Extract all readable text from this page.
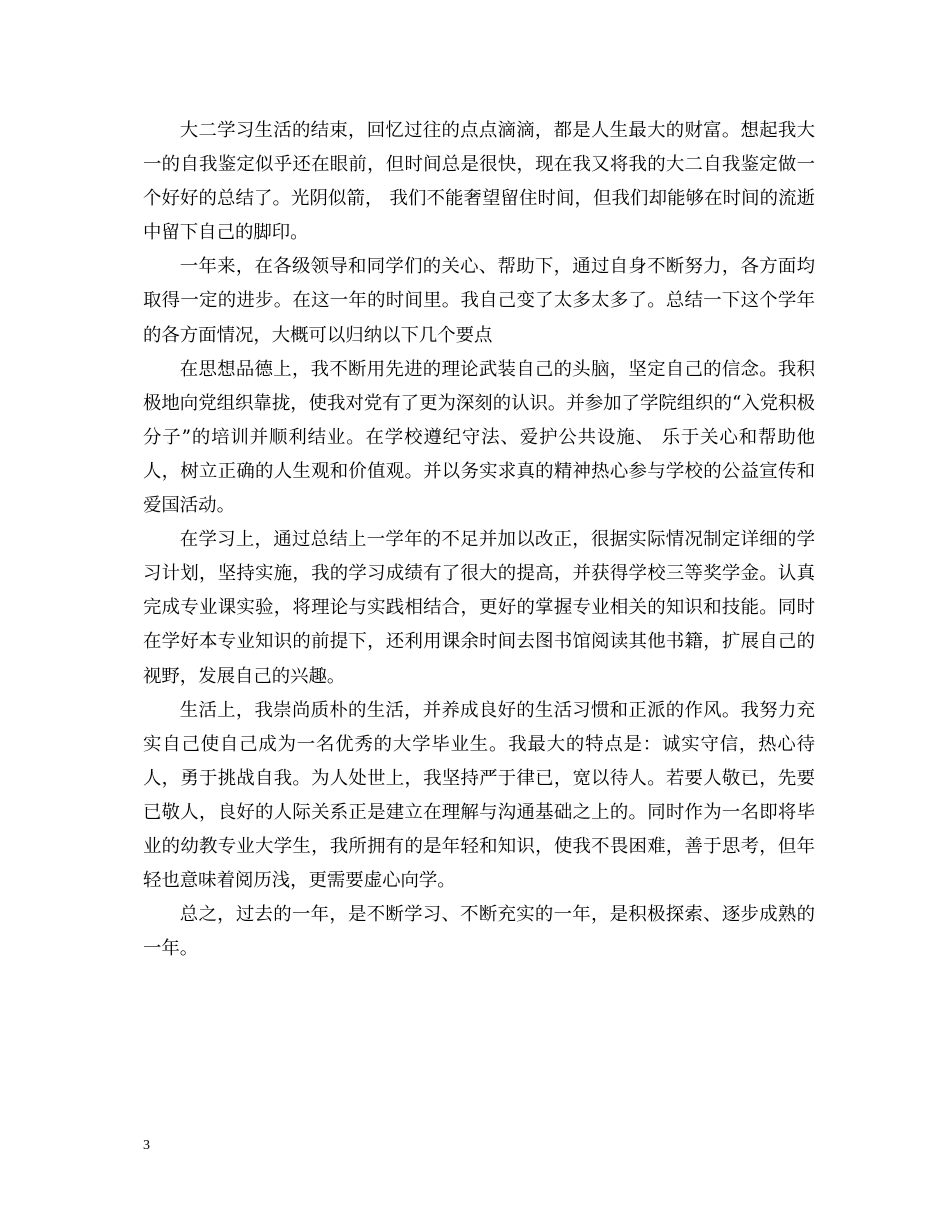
大二学习生活的结束，回忆过往的点点滴滴，都是人生最大的财富。想起我大一的自我鉴定似乎还在眼前，但时间总是很快，现在我又将我的大二自我鉴定做一个好好的总结了。光阴似箭， 我们不能奢望留住时间，但我们却能够在时间的流逝中留下自己的脚印。

一年来，在各级领导和同学们的关心、帮助下，通过自身不断努力，各方面均取得一定的进步。在这一年的时间里。我自己变了太多太多了。总结一下这个学年的各方面情况，大概可以归纳以下几个要点

在思想品德上，我不断用先进的理论武装自己的头脑，坚定自己的信念。我积极地向党组织靠拢，使我对党有了更为深刻的认识。并参加了学院组织的“入党积极分子”的培训并顺利结业。在学校遵纪守法、爱护公共设施、 乐于关心和帮助他人，树立正确的人生观和价值观。并以务实求真的精神热心参与学校的公益宣传和爱国活动。

在学习上，通过总结上一学年的不足并加以改正，很据实际情况制定详细的学习计划，坚持实施，我的学习成绩有了很大的提高，并获得学校三等奖学金。认真完成专业课实验，将理论与实践相结合，更好的掌握专业相关的知识和技能。同时在学好本专业知识的前提下，还利用课余时间去图书馆阅读其他书籍，扩展自己的视野，发展自己的兴趣。

生活上，我崇尚质朴的生活，并养成良好的生活习惯和正派的作风。我努力充实自己使自己成为一名优秀的大学毕业生。我最大的特点是：诚实守信，热心待人，勇于挑战自我。为人处世上，我坚持严于律已，宽以待人。若要人敬已，先要已敬人，良好的人际关系正是建立在理解与沟通基础之上的。同时作为一名即将毕业的幼教专业大学生，我所拥有的是年轻和知识，使我不畏困难，善于思考，但年轻也意味着阅历浅，更需要虚心向学。

总之，过去的一年，是不断学习、不断充实的一年，是积极探索、逐步成熟的一年。

3
